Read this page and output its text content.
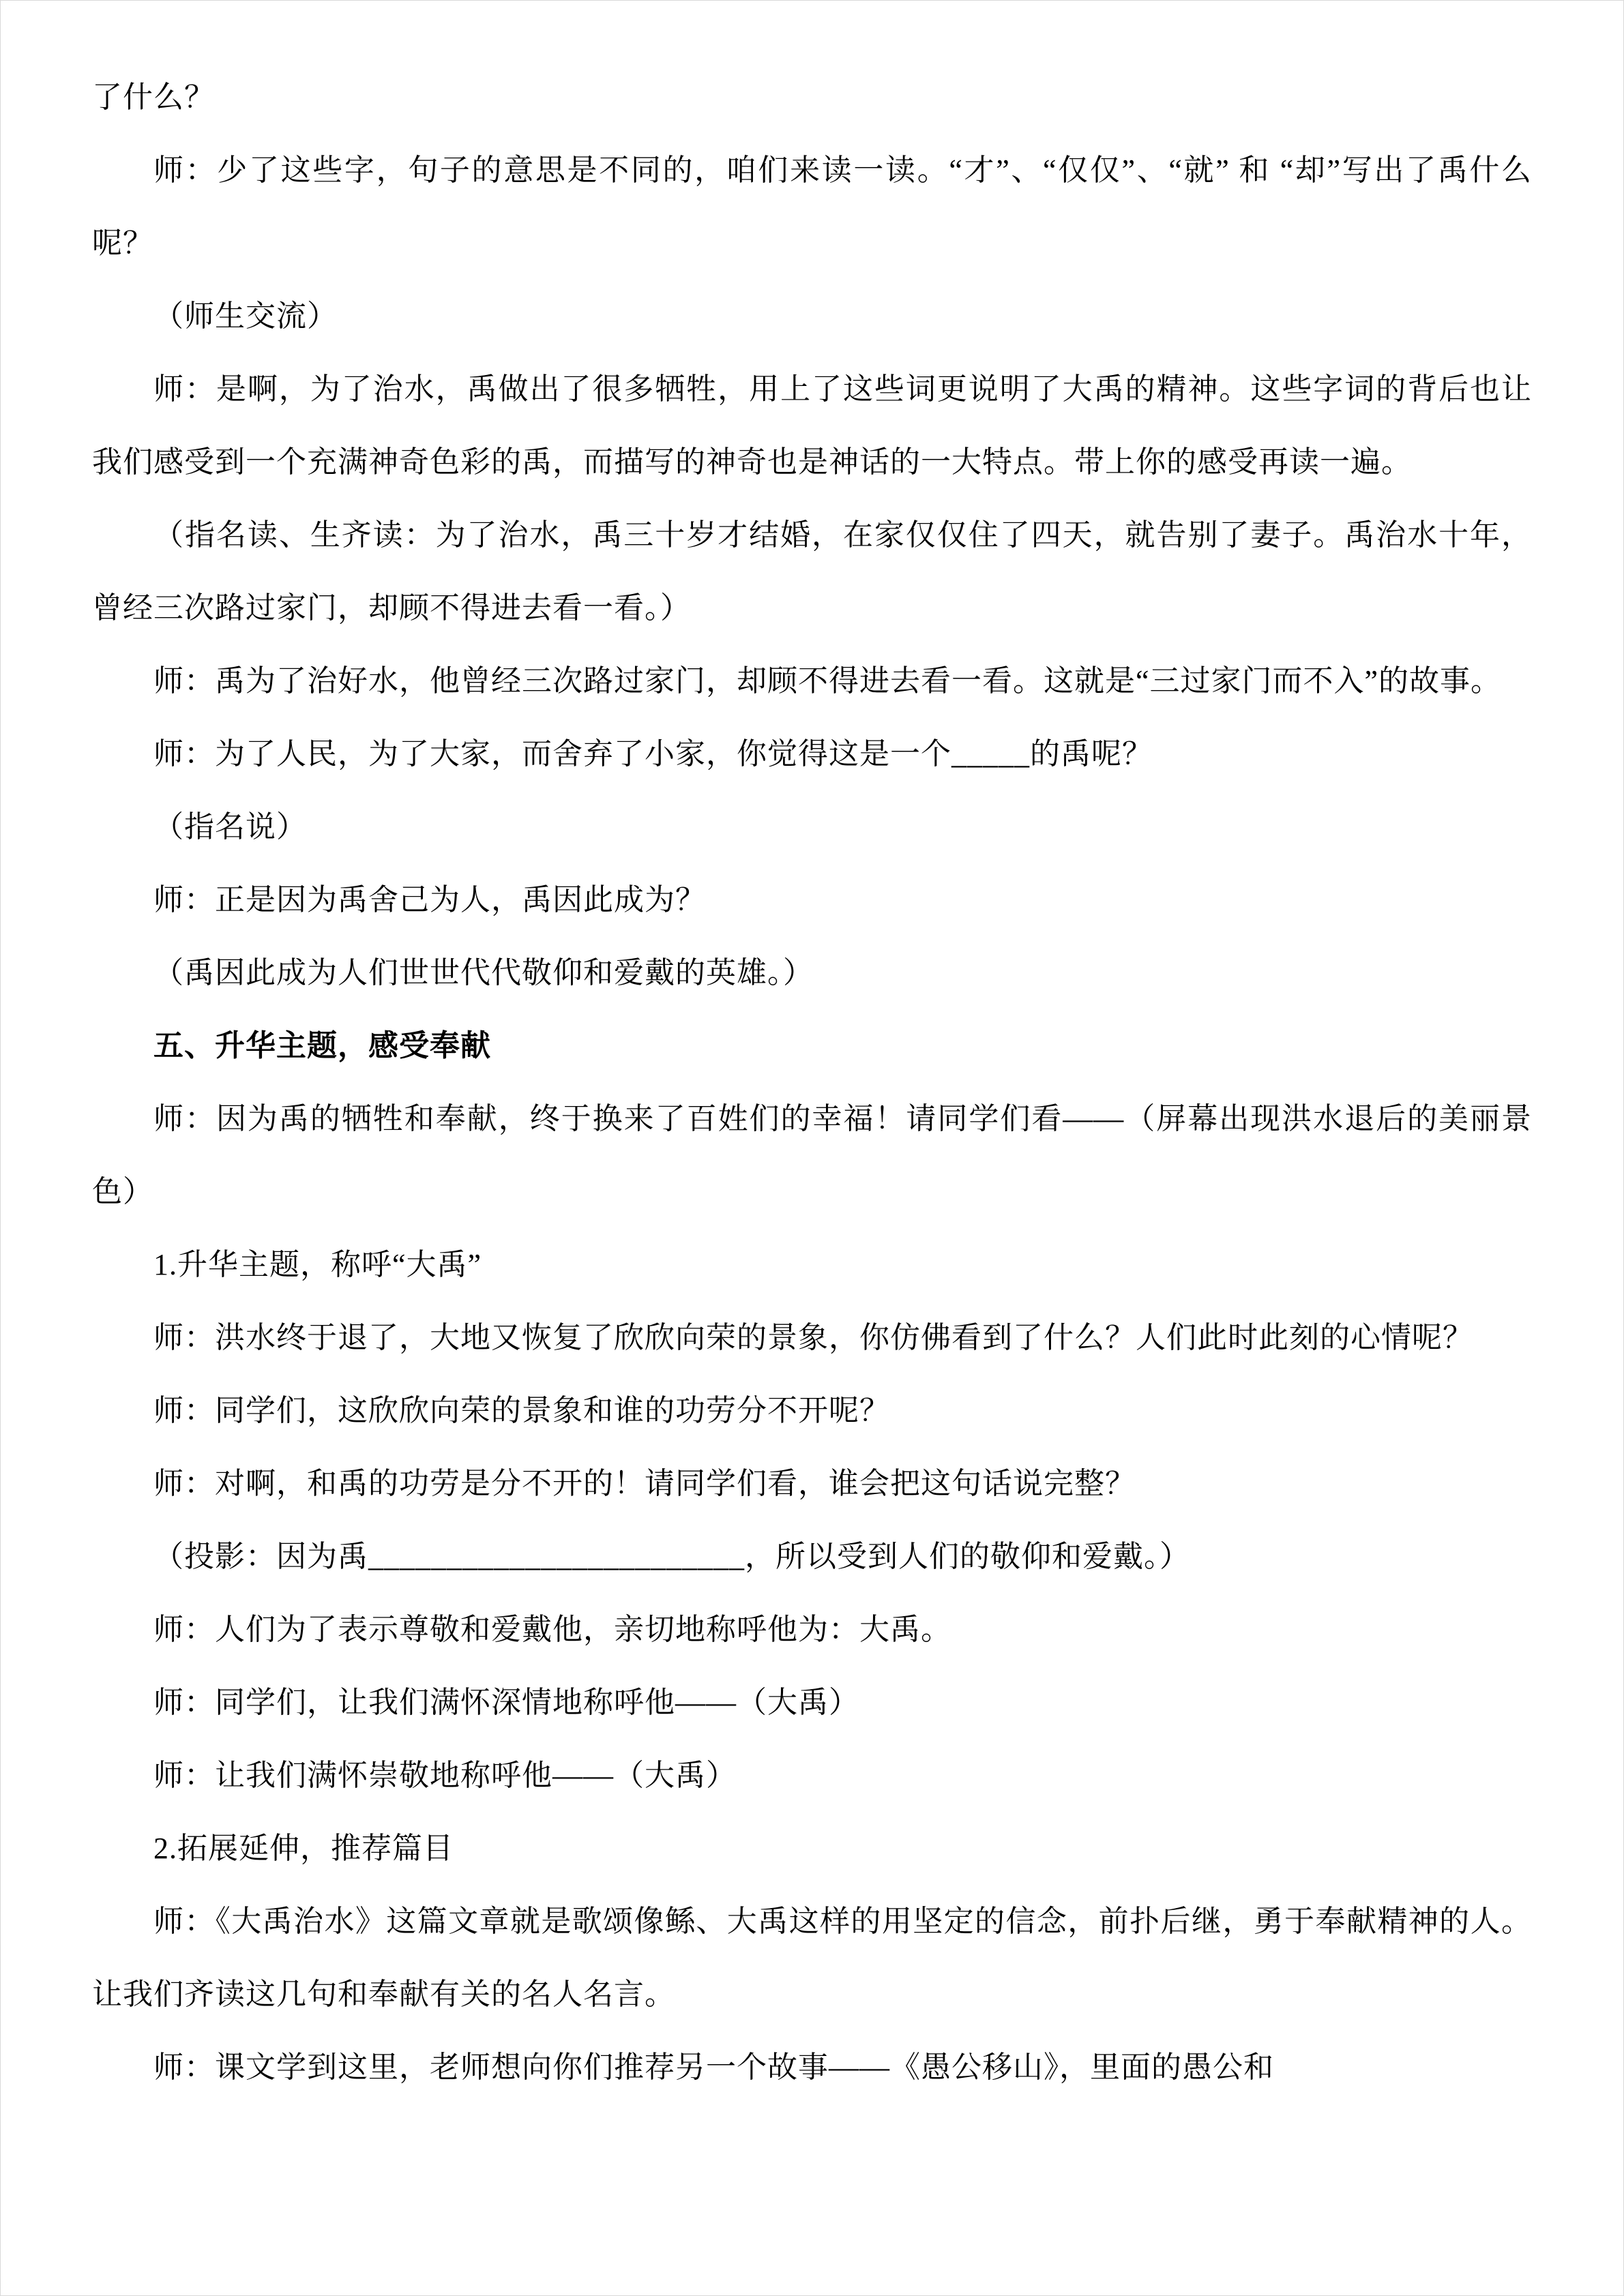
了什么？

师：少了这些字，句子的意思是不同的，咱们来读一读。“才”、“仅仅”、“就” 和 “却”写出了禹什么呢？

（师生交流）

师：是啊，为了治水，禹做出了很多牺牲，用上了这些词更说明了大禹的精神。这些字词的背后也让我们感受到一个充满神奇色彩的禹，而描写的神奇也是神话的一大特点。带上你的感受再读一遍。

（指名读、生齐读：为了治水，禹三十岁才结婚，在家仅仅住了四天，就告别了妻子。禹治水十年，曾经三次路过家门，却顾不得进去看一看。）

师：禹为了治好水，他曾经三次路过家门，却顾不得进去看一看。这就是“三过家门而不入”的故事。

师：为了人民，为了大家，而舍弃了小家，你觉得这是一个_____的禹呢？

（指名说）

师：正是因为禹舍己为人，禹因此成为？

（禹因此成为人们世世代代敬仰和爱戴的英雄。）

五、升华主题，感受奉献

师：因为禹的牺牲和奉献，终于换来了百姓们的幸福！请同学们看——（屏幕出现洪水退后的美丽景色）

1.升华主题，称呼“大禹”

师：洪水终于退了，大地又恢复了欣欣向荣的景象，你仿佛看到了什么？人们此时此刻的心情呢？

师：同学们，这欣欣向荣的景象和谁的功劳分不开呢？

师：对啊，和禹的功劳是分不开的！请同学们看，谁会把这句话说完整？

（投影：因为禹________________________，所以受到人们的敬仰和爱戴。）

师：人们为了表示尊敬和爱戴他，亲切地称呼他为：大禹。

师：同学们，让我们满怀深情地称呼他——（大禹）

师：让我们满怀崇敬地称呼他——（大禹）

2.拓展延伸，推荐篇目

师：《大禹治水》这篇文章就是歌颂像鲧、大禹这样的用坚定的信念，前扑后继，勇于奉献精神的人。让我们齐读这几句和奉献有关的名人名言。

师：课文学到这里，老师想向你们推荐另一个故事——《愚公移山》，里面的愚公和
